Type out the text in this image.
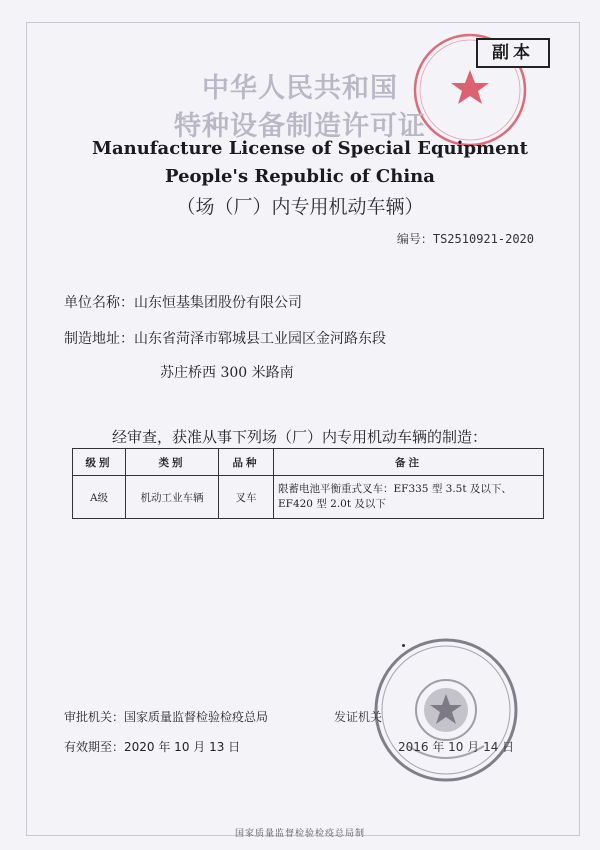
副本
中华人民共和国
特种设备制造许可证
Manufacture License of Special Equipment
People's Republic of China
（场（厂）内专用机动车辆）
编号：TS2510921-2020
单位名称：山东恒基集团股份有限公司
制造地址：山东省菏泽市郓城县工业园区金河路东段
苏庄桥西 300 米路南
经审查，获准从事下列场（厂）内专用机动车辆的制造：
级别	类别	品种	备注
A级	机动工业车辆	叉车	限蓄电池平衡重式叉车：EF335 型 3.5t 及以下、EF420 型 2.0t 及以下
审批机关：国家质量监督检验检疫总局	发证机关
有效期至：2020 年 10 月 13 日	2016 年 10 月 14 日
国家质量监督检验检疫总局制
